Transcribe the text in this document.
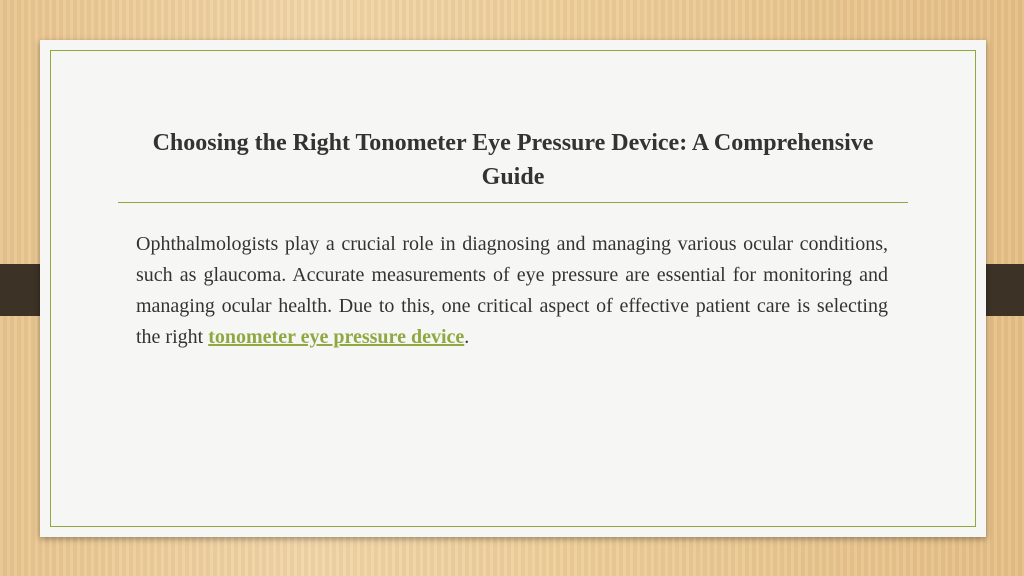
Choosing the Right Tonometer Eye Pressure Device: A Comprehensive Guide

Ophthalmologists play a crucial role in diagnosing and managing various ocular conditions, such as glaucoma. Accurate measurements of eye pressure are essential for monitoring and managing ocular health. Due to this, one critical aspect of effective patient care is selecting the right tonometer eye pressure device.
